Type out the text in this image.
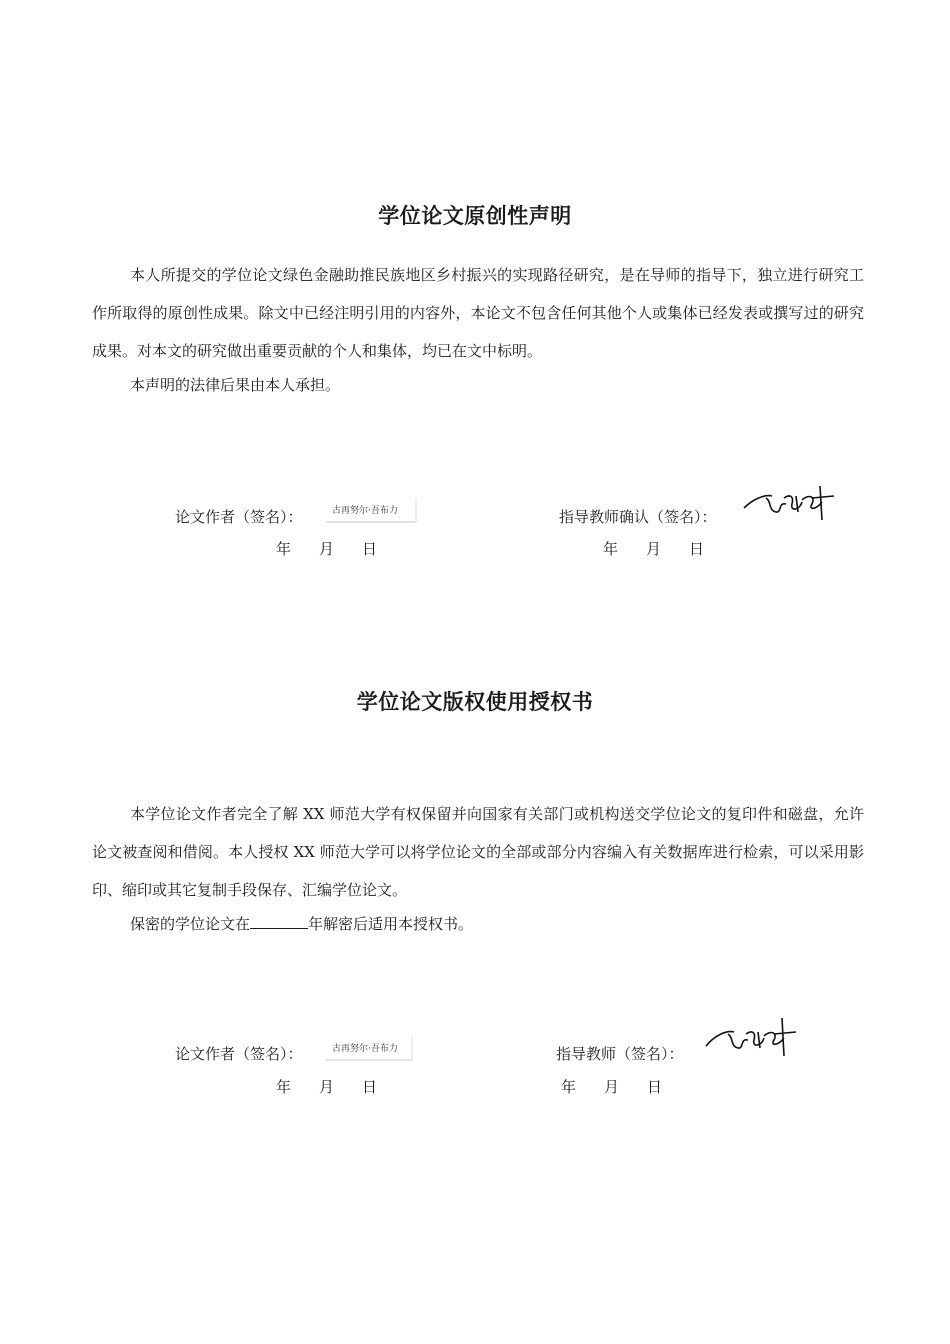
学位论文原创性声明

本人所提交的学位论文绿色金融助推民族地区乡村振兴的实现路径研究，是在导师的指导下，独立进行研究工作所取得的原创性成果。除文中已经注明引用的内容外，本论文不包含任何其他个人或集体已经发表或撰写过的研究成果。对本文的研究做出重要贡献的个人和集体，均已在文中标明。

本声明的法律后果由本人承担。

论文作者（签名）：	古再努尔·吾布力	指导教师确认（签名）：
年 月 日	年 月 日
学位论文版权使用授权书

本学位论文作者完全了解 XX 师范大学有权保留并向国家有关部门或机构送交学位论文的复印件和磁盘，允许论文被查阅和借阅。本人授权 XX 师范大学可以将学位论文的全部或部分内容编入有关数据库进行检索，可以采用影印、缩印或其它复制手段保存、汇编学位论文。

保密的学位论文在	年解密后适用本授权书。

论文作者（签名）：	古再努尔·吾布力	指导教师（签名）：
年 月 日	年 月 日
